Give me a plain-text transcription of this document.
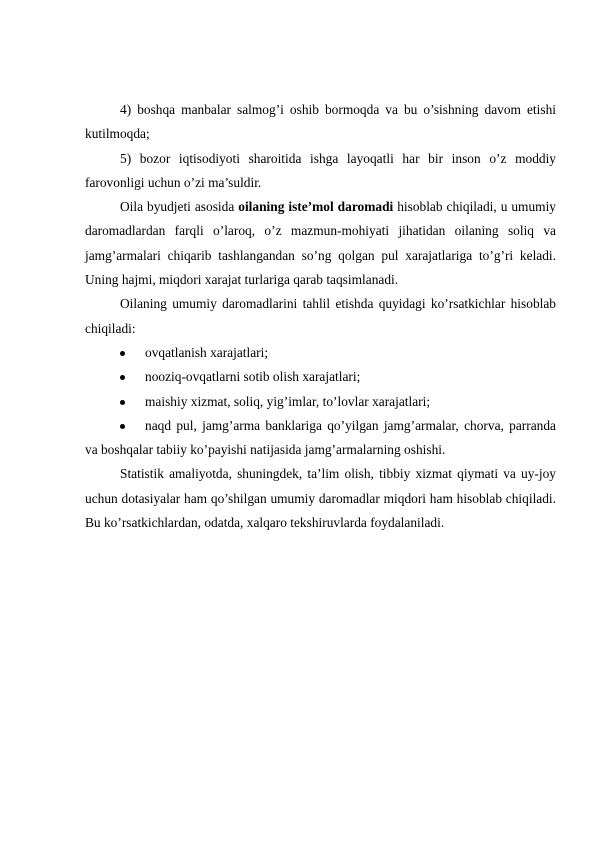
4) boshqa manbalar salmog’i oshib bormoqda va bu o’sishning davom etishi kutilmoqda;

5) bozor iqtisodiyoti sharoitida ishga layoqatli har bir inson o’z moddiy farovonligi uchun o’zi ma’suldir.

Oila byudjeti asosida oilaning iste’mol daromadi hisoblab chiqiladi, u umumiy daromadlardan farqli o’laroq, o’z mazmun-mohiyati jihatidan oilaning soliq va jamg’armalari chiqarib tashlangandan so’ng qolgan pul xarajatlariga to’g’ri keladi. Uning hajmi, miqdori xarajat turlariga qarab taqsimlanadi.

Oilaning umumiy daromadlarini tahlil etishda quyidagi ko’rsatkichlar hisoblab chiqiladi:

ovqatlanish xarajatlari;

nooziq-ovqatlarni sotib olish xarajatlari;

maishiy xizmat, soliq, yig’imlar, to’lovlar xarajatlari;

naqd pul, jamg’arma banklariga qo’yilgan jamg’armalar, chorva, parranda va boshqalar tabiiy ko’payishi natijasida jamg’armalarning oshishi.

Statistik amaliyotda, shuningdek, ta’lim olish, tibbiy xizmat qiymati va uy-joy uchun dotasiyalar ham qo’shilgan umumiy daromadlar miqdori ham hisoblab chiqiladi. Bu ko’rsatkichlardan, odatda, xalqaro tekshiruvlarda foydalaniladi.
